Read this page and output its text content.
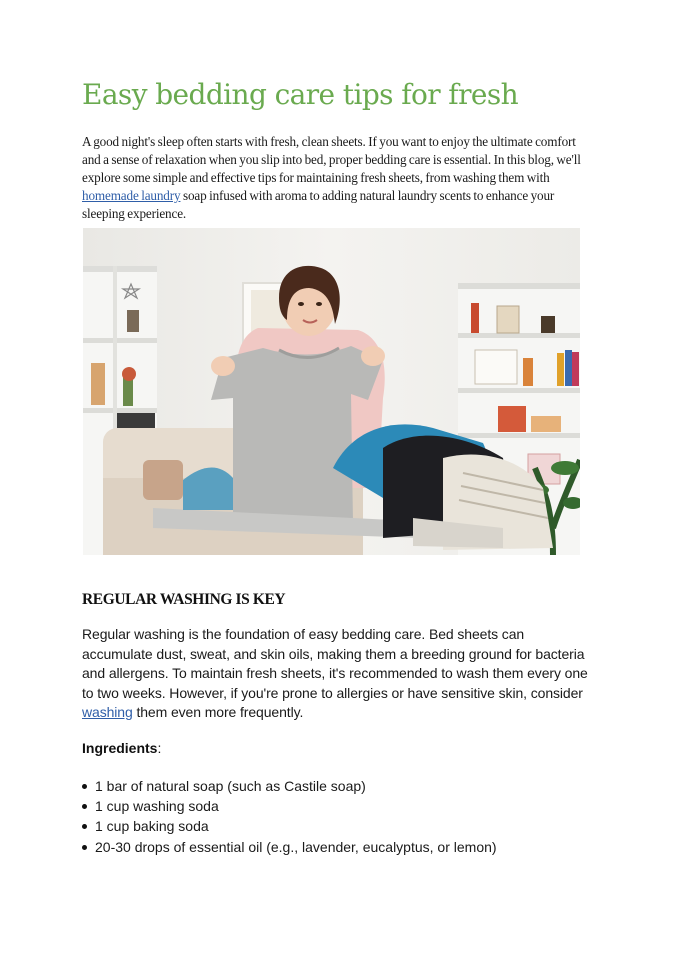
Easy bedding care tips for fresh

A good night's sleep often starts with fresh, clean sheets. If you want to enjoy the ultimate comfort and a sense of relaxation when you slip into bed, proper bedding care is essential. In this blog, we'll explore some simple and effective tips for maintaining fresh sheets, from washing them with homemade laundry soap infused with aroma to adding natural laundry scents to enhance your sleeping experience.

REGULAR WASHING IS KEY

Regular washing is the foundation of easy bedding care. Bed sheets can accumulate dust, sweat, and skin oils, making them a breeding ground for bacteria and allergens. To maintain fresh sheets, it's recommended to wash them every one to two weeks. However, if you're prone to allergies or have sensitive skin, consider washing them even more frequently.

Ingredients:

1 bar of natural soap (such as Castile soap)
1 cup washing soda
1 cup baking soda
20-30 drops of essential oil (e.g., lavender, eucalyptus, or lemon)
